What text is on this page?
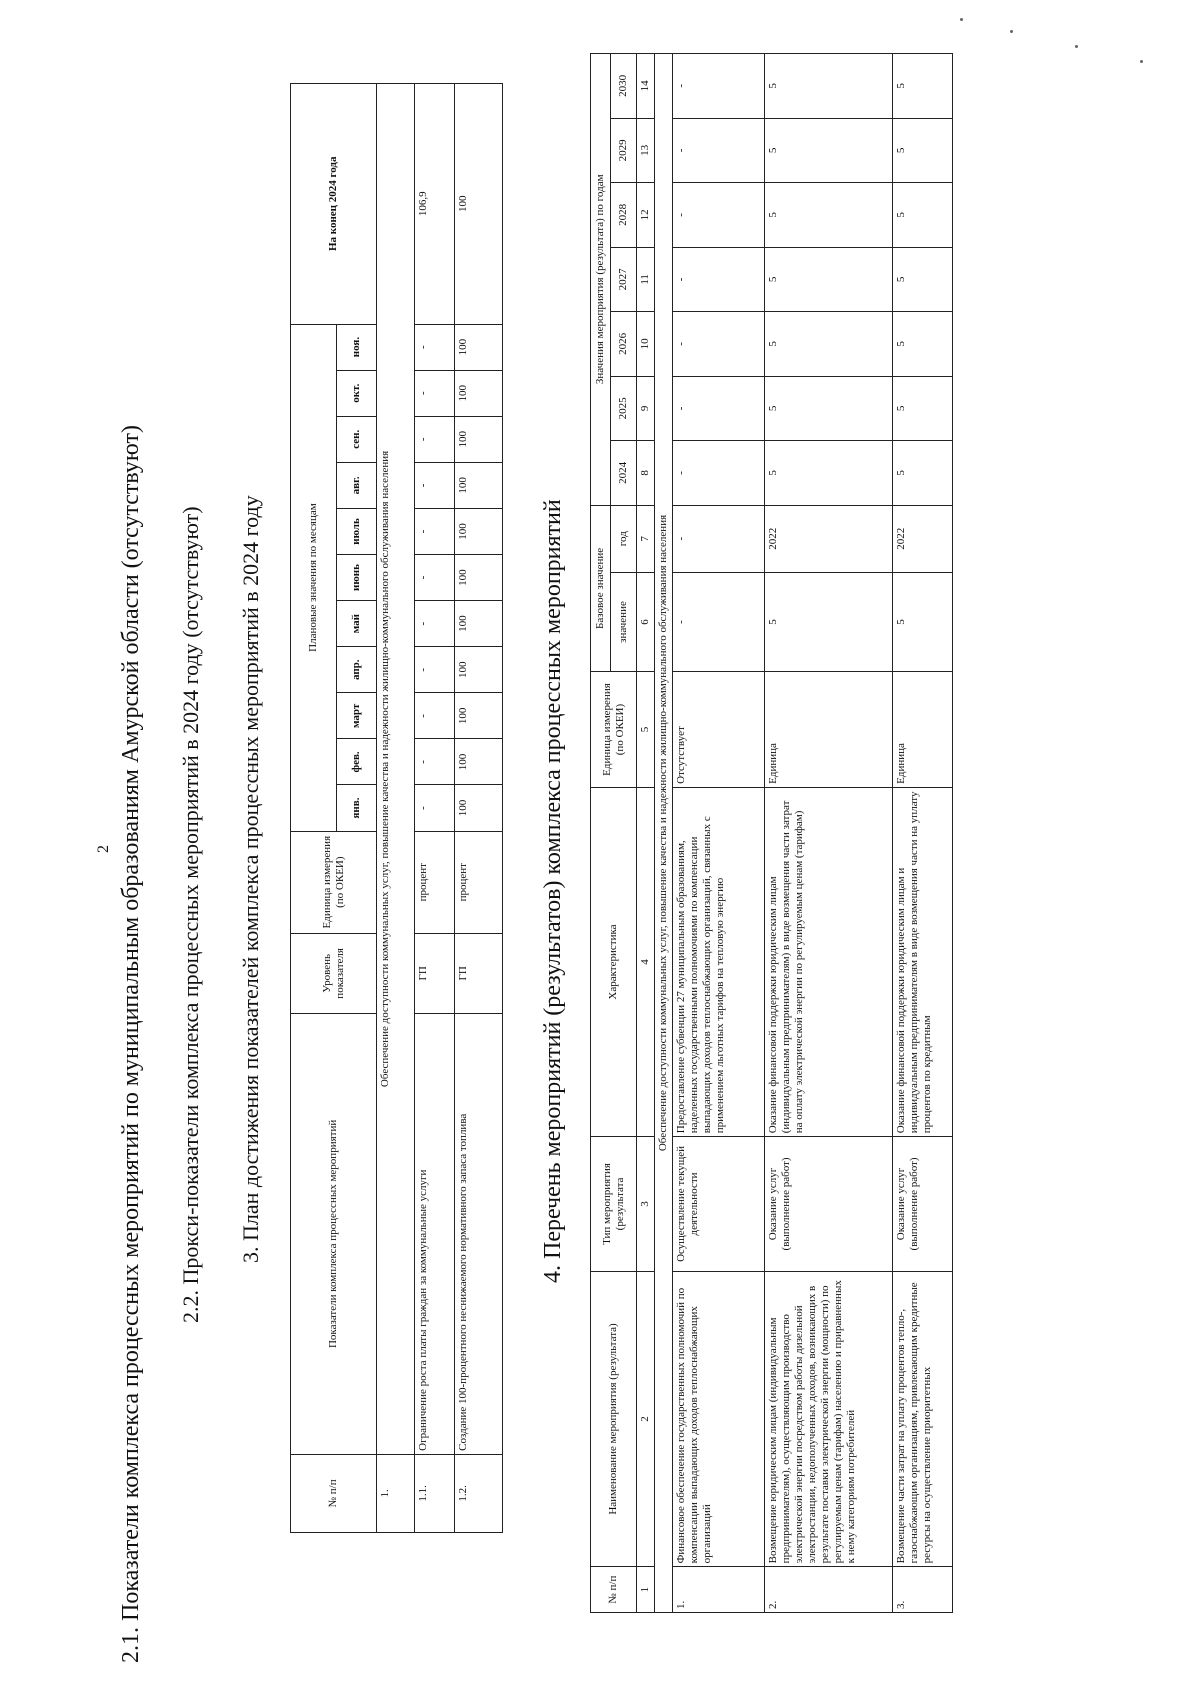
2 2.1. Показатели комплекса процессных мероприятий по муниципальным образованиям Амурской области (отсутствуют) 2.2. Прокси-показатели комплекса процессных мероприятий в 2024 году (отсутствуют) 3. План достижения показателей комплекса процессных мероприятий в 2024 году
№ п/п	Показатели комплекса процессных мероприятий	Уровень показателя	Единица измерения (по ОКЕИ)	Плановые значения по месяцам											На конец 2024 года
				янв.	фев.	март	апр.	май	июнь	июль	авг.	сен.	окт.	ноя.	
1.	Обеспечение доступности коммунальных услуг, повышение качества и надежности жилищно-коммунального обслуживания населения														
1.1.	Ограничение роста платы граждан за коммунальные услуги	ГП	процент	-	-	-	-	-	-	-	-	-	-	-	106,9
1.2.	Создание 100-процентного неснижаемого нормативного запаса топлива	ГП	процент	100	100	100	100	100	100	100	100	100	100	100	100
4. Перечень мероприятий (результатов) комплекса процессных мероприятий
№ п/п	Наименование мероприятия (результата)	Тип мероприятия (результата	Характеристика	Единица измерения (по ОКЕИ)	Базовое значение		Значения мероприятия (результата) по годам						
					значение	год	2024	2025	2026	2027	2028	2029	2030
1	2	3	4	5	6	7	8	9	10	11	12	13	14
Обеспечение доступности коммунальных услуг, повышение качества и надежности жилищно-коммунального обслуживания населения													
1.	Финансовое обеспечение государственных полномочий по компенсации выпадающих доходов теплоснабжающих организаций	Осуществление текущей деятельности	Предоставление субвенции 27 муниципальным образованиям, наделенных государственными полномочиями по компенсации выпадающих доходов теплоснабжающих организаций, связанных с применением льготных тарифов на тепловую энергию	Отсутствует	-	-	-	-	-	-	-	-	-
2.	Возмещение юридическим лицам (индивидуальным предпринимателям), осуществляющим производство электрической энергии посредством работы дизельной электростанции, недополученных доходов, возникающих в результате поставки электрической энергии (мощности) по регулируемым ценам (тарифам) населению и приравненных к нему категориям потребителей	Оказание услуг (выполнение работ)	Оказание финансовой поддержки юридическим лицам (индивидуальным предпринимателям) в виде возмещения части затрат на оплату электрической энергии по регулируемым ценам (тарифам)	Единица	5	2022	5	5	5	5	5	5	5
3.	Возмещение части затрат на уплату процентов тепло-, газоснабжающим организациям, привлекающим кредитные ресурсы на осуществление приоритетных	Оказание услуг (выполнение работ)	Оказание финансовой поддержки юридическим лицам и индивидуальным предпринимателям в виде возмещения части на уплату процентов по кредитным	Единица	5	2022	5	5	5	5	5	5	5
